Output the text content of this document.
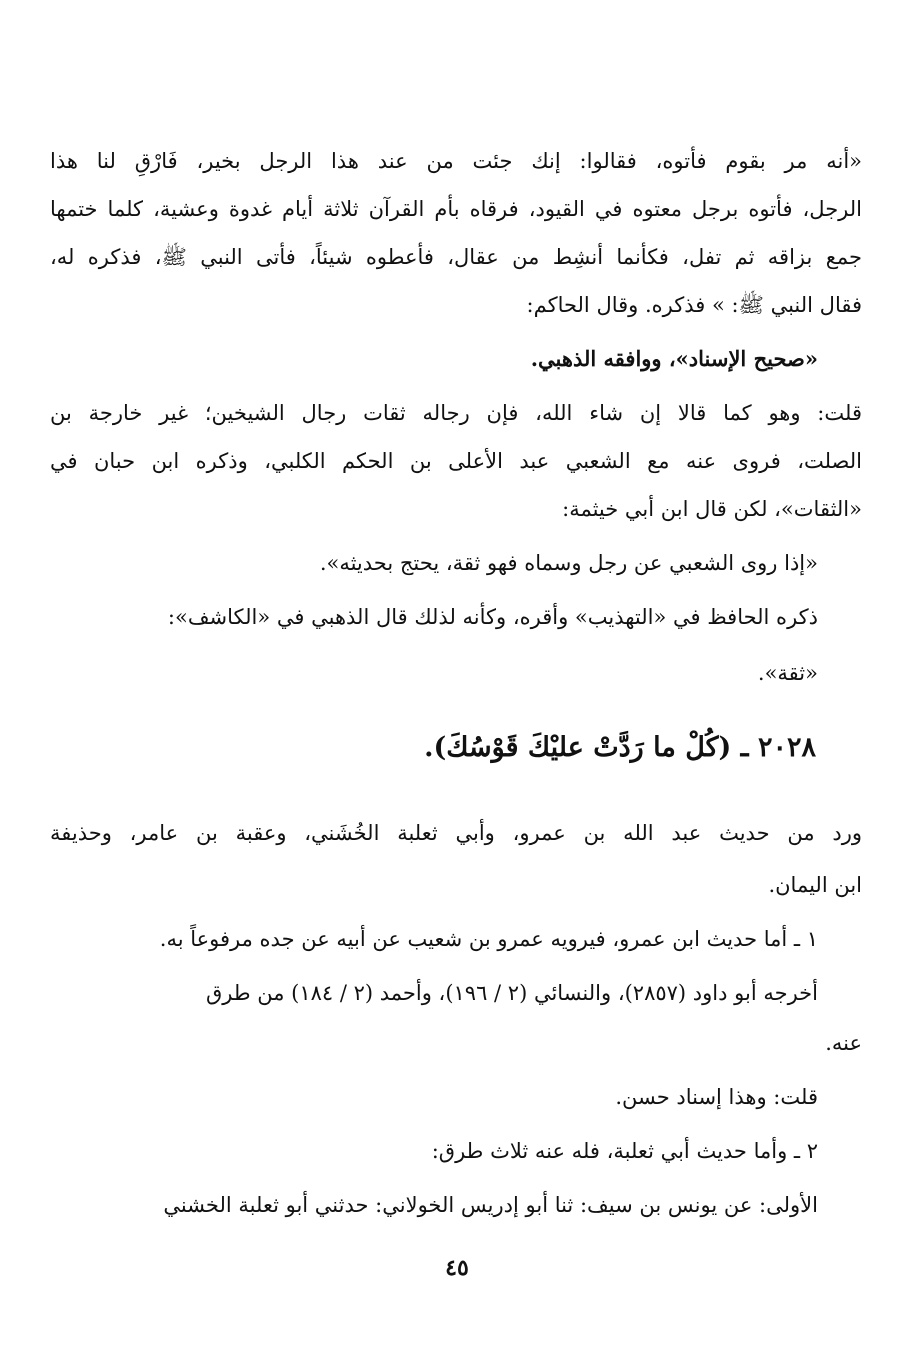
«أنه مر بقوم فأتوه، فقالوا: إنك جئت من عند هذا الرجل بخير، فَارْقِ لنا هذا
الرجل، فأتوه برجل معتوه في القيود، فرقاه بأم القرآن ثلاثة أيام غدوة وعشية، كلما ختمها
جمع بزاقه ثم تفل، فكأنما أنشِط من عقال، فأعطوه شيئاً، فأتى النبي ﷺ، فذكره له،
فقال النبي ﷺ: » فذكره. وقال الحاكم:
«صحيح الإسناد»، ووافقه الذهبي.
قلت: وهو كما قالا إن شاء الله، فإن رجاله ثقات رجال الشيخين؛ غير خارجة بن
الصلت، فروى عنه مع الشعبي عبد الأعلى بن الحكم الكلبي، وذكره ابن حبان في
«الثقات»، لكن قال ابن أبي خيثمة:
«إذا روى الشعبي عن رجل وسماه فهو ثقة، يحتج بحديثه».
ذكره الحافظ في «التهذيب» وأقره، وكأنه لذلك قال الذهبي في «الكاشف»:
«ثقة».
٢٠٢٨ ـ (كُلْ ما رَدَّتْ عليْكَ قَوْسُكَ).
ورد من حديث عبد الله بن عمرو، وأبي ثعلبة الخُشَني، وعقبة بن عامر، وحذيفة
ابن اليمان.
١ ـ أما حديث ابن عمرو، فيرويه عمرو بن شعيب عن أبيه عن جده مرفوعاً به.
أخرجه أبو داود (٢٨٥٧)، والنسائي (٢ / ١٩٦)، وأحمد (٢ / ١٨٤) من طرق
عنه.
قلت: وهذا إسناد حسن.
٢ ـ وأما حديث أبي ثعلبة، فله عنه ثلاث طرق:
الأولى: عن يونس بن سيف: ثنا أبو إدريس الخولاني: حدثني أبو ثعلبة الخشني
٤٥
